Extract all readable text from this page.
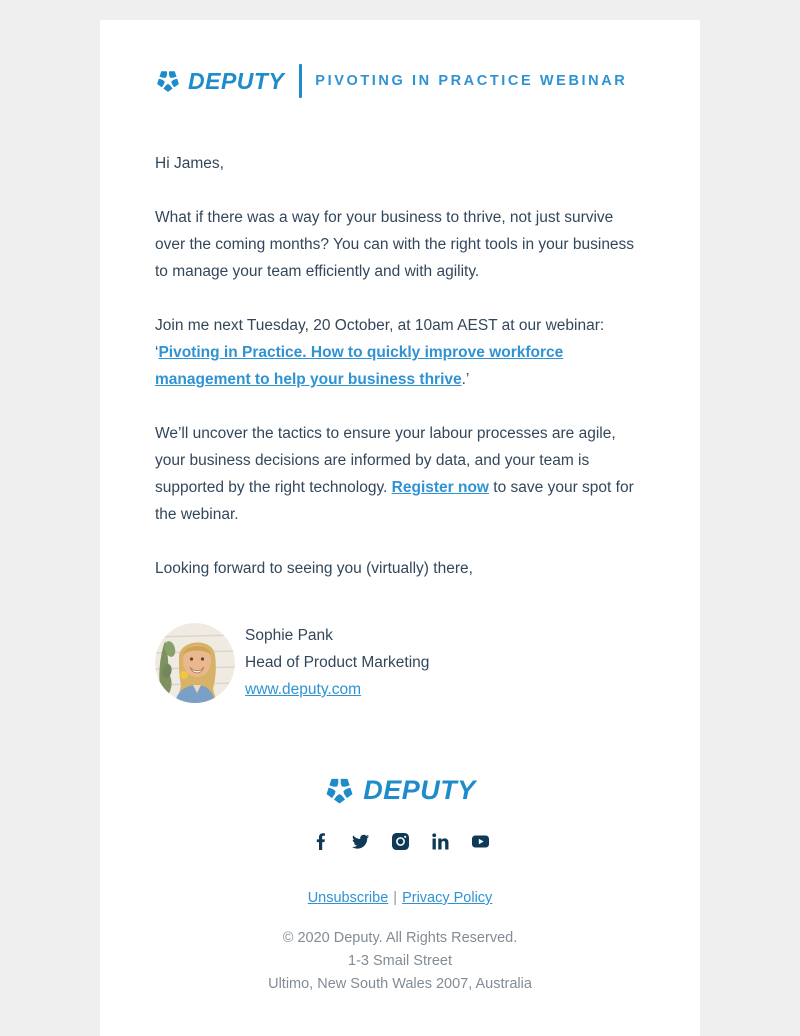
DEPUTY PIVOTING IN PRACTICE WEBINAR

Hi James,

What if there was a way for your business to thrive, not just survive over the coming months? You can with the right tools in your business to manage your team efficiently and with agility.

Join me next Tuesday, 20 October, at 10am AEST at our webinar: ‘Pivoting in Practice. How to quickly improve workforce management to help your business thrive.’

We’ll uncover the tactics to ensure your labour processes are agile, your business decisions are informed by data, and your team is supported by the right technology. Register now to save your spot for the webinar.

Looking forward to seeing you (virtually) there,

Sophie Pank
Head of Product Marketing
www.deputy.com
DEPUTY
Unsubscribe | Privacy Policy
© 2020 Deputy. All Rights Reserved.
1-3 Smail Street
Ultimo, New South Wales 2007, Australia
